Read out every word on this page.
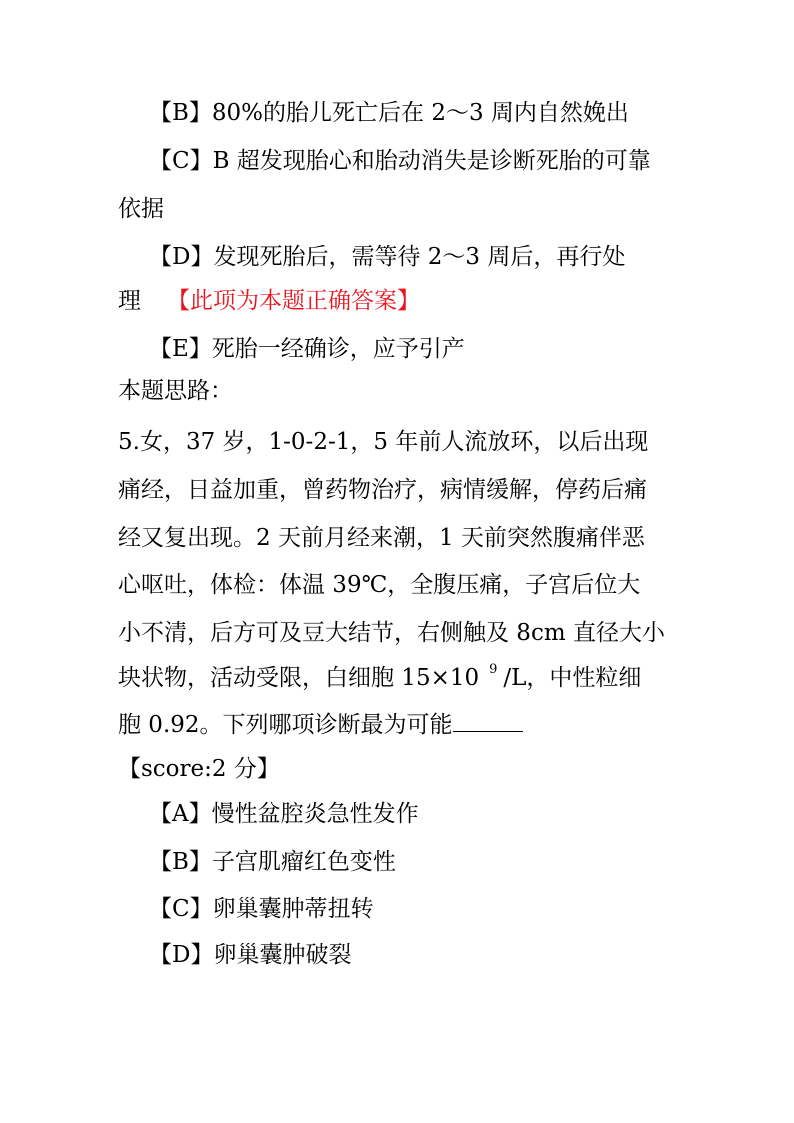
【B】80%的胎儿死亡后在 2～3 周内自然娩出
【C】B 超发现胎心和胎动消失是诊断死胎的可靠
依据
【D】发现死胎后，需等待 2～3 周后，再行处
理 【此项为本题正确答案】
【E】死胎一经确诊，应予引产
本题思路：
5.女，37 岁，1-0-2-1，5 年前人流放环，以后出现
痛经，日益加重，曾药物治疗，病情缓解，停药后痛
经又复出现。2 天前月经来潮，1 天前突然腹痛伴恶
心呕吐，体检：体温 39℃，全腹压痛，子宫后位大
小不清，后方可及豆大结节，右侧触及 8cm 直径大小
块状物，活动受限，白细胞 15×10 $^9$ /L，中性粒细
胞 0.92。下列哪项诊断最为可能
【score:2 分】
【A】慢性盆腔炎急性发作
【B】子宫肌瘤红色变性
【C】卵巢囊肿蒂扭转
【D】卵巢囊肿破裂
